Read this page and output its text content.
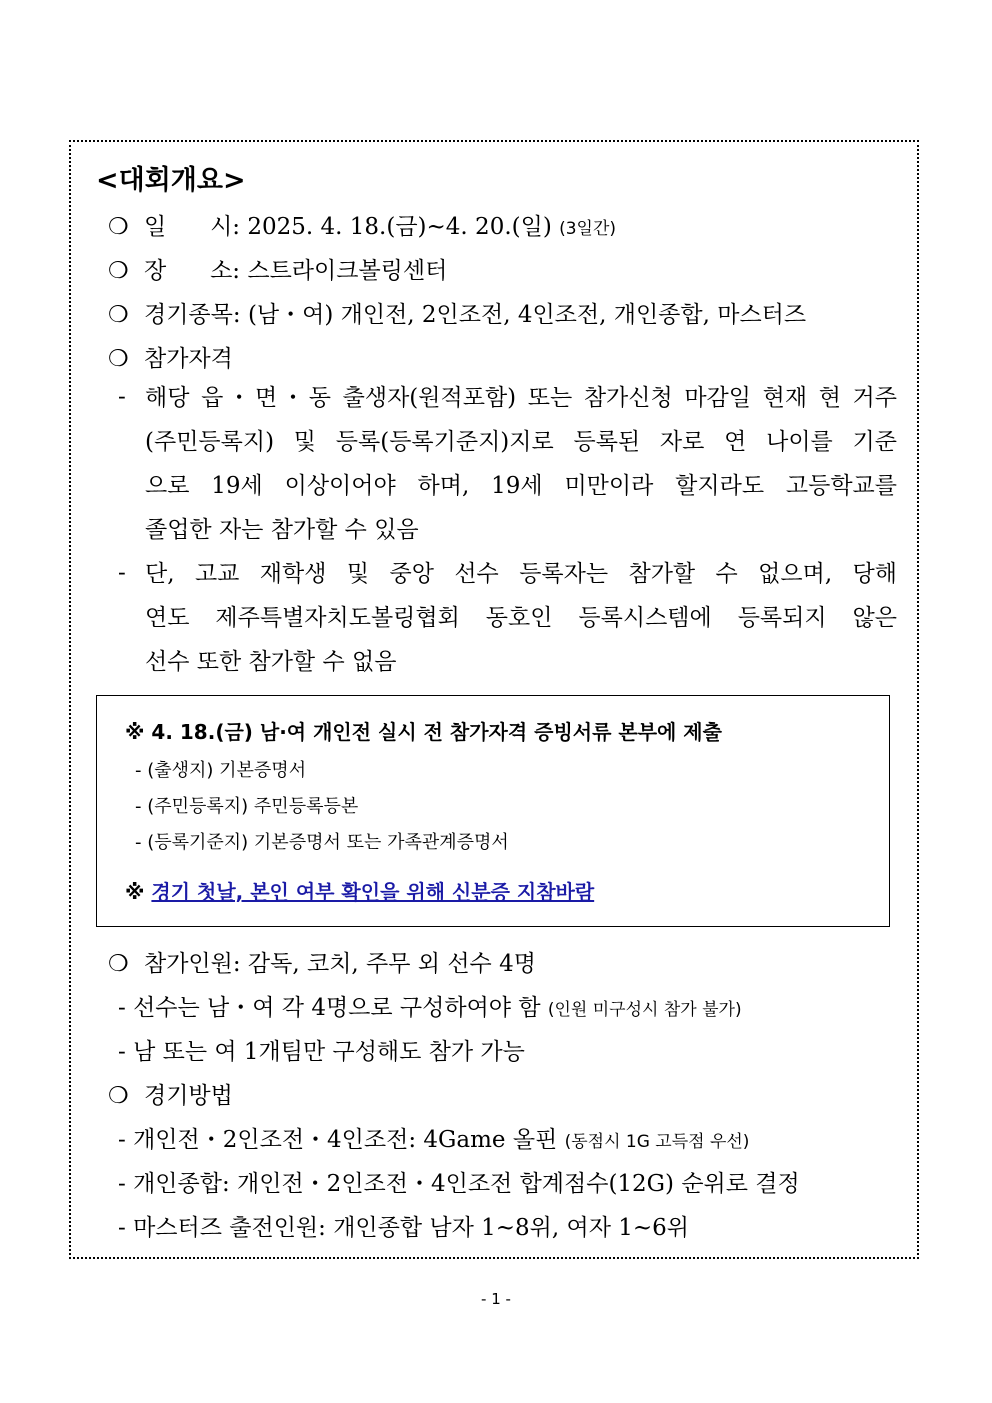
<대회개요>
❍ 일      시: 2025. 4. 18.(금)~4. 20.(일) (3일간)
❍ 장      소: 스트라이크볼링센터
❍ 경기종목: (남・여) 개인전, 2인조전, 4인조전, 개인종합, 마스터즈
❍ 참가자격
- 해당 읍・면・동 출생자(원적포함) 또는 참가신청 마감일 현재 현 거주
(주민등록지) 및 등록(등록기준지)지로 등록된 자로 연 나이를 기준
으로 19세 이상이어야 하며, 19세 미만이라 할지라도 고등학교를
졸업한 자는 참가할 수 있음
- 단, 고교 재학생 및 중앙 선수 등록자는 참가할 수 없으며, 당해
연도 제주특별자치도볼링협회 동호인 등록시스템에 등록되지 않은
선수 또한 참가할 수 없음
※ 4. 18.(금) 남·여 개인전 실시 전 참가자격 증빙서류 본부에 제출
- (출생지) 기본증명서
- (주민등록지) 주민등록등본
- (등록기준지) 기본증명서 또는 가족관계증명서
※ 경기 첫날, 본인 여부 확인을 위해 신분증 지참바람
❍ 참가인원: 감독, 코치, 주무 외 선수 4명
- 선수는 남・여 각 4명으로 구성하여야 함 (인원 미구성시 참가 불가)
- 남 또는 여 1개팀만 구성해도 참가 가능
❍ 경기방법
- 개인전・2인조전・4인조전: 4Game 올핀 (동점시 1G 고득점 우선)
- 개인종합: 개인전・2인조전・4인조전 합계점수(12G) 순위로 결정
- 마스터즈 출전인원: 개인종합 남자 1~8위, 여자 1~6위
- 1 -
